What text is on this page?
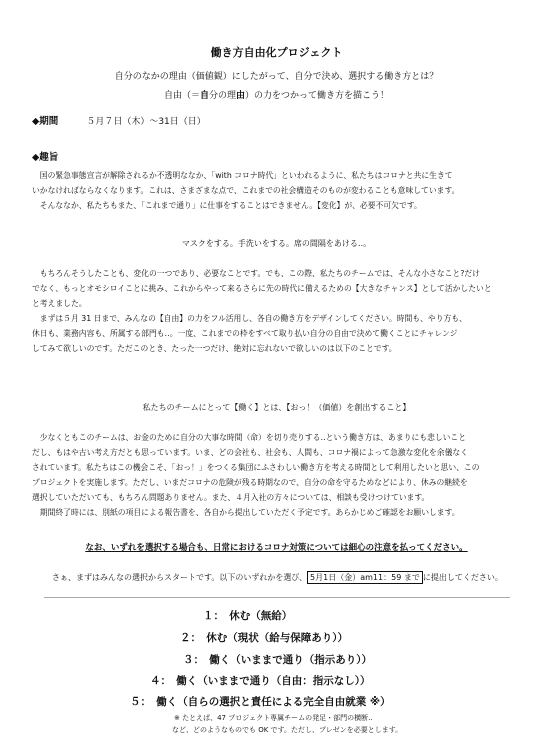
働き方自由化プロジェクト
自分のなかの理由（価値観）にしたがって、自分で決め、選択する働き方とは？
自由（＝自分の理由）の力をつかって働き方を描こう！
◆期間	５月７日（木）～31日（日）
◆趣旨
　国の緊急事態宣言が解除されるか不透明ななか、「with コロナ時代」といわれるように、私たちはコロナと共に生きて
いかなければならなくなります。これは、さまざまな点で、これまでの社会構造そのものが変わることも意味しています。
　そんななか、私たちもまた、「これまで通り」に仕事をすることはできません。【変化】が、必要不可欠です。
マスクをする。手洗いをする。席の間隔をあける‥。
　もちろんそうしたことも、変化の一つであり、必要なことです。でも、この際、私たちのチームでは、そんな小さなこと?だけ
でなく、もっとオモシロイことに挑み、これからやって来るさらに先の時代に備えるための【大きなチャンス】として活かしたいと
と考えました。
　まずは５月 31 日まで、みんなの【自由】の力をフル活用し、各自の働き方をデザインしてください。時間も、やり方も、
休日も、業務内容も、所属する部門も‥。一度、これまでの枠をすべて取り払い自分の自由で決めて働くことにチャレンジ
してみて欲しいのです。ただこのとき、たった一つだけ、絶対に忘れないで欲しいのは以下のことです。
私たちのチームにとって【働く】とは、【おっ！（価値）を創出すること】
　少なくともこのチームは、お金のために自分の大事な時間（命）を切り売りする‥という働き方は、あまりにも悲しいこと
だし、もはや古い考え方だとも思っています。いま、どの会社も、社会も、人間も、コロナ禍によって急激な変化を余儀なく
されています。私たちはこの機会こそ、「おっ！」をつくる集団にふさわしい働き方を考える時間として利用したいと思い、この
プロジェクトを実施します。ただし、いまだコロナの危険が残る時期なので、自分の命を守るためなどにより、休みの継続を
選択していただいても、もちろん問題ありません。また、４月入社の方々については、相談も受けつけています。
　期間終了時には、別紙の項目による報告書を、各自から提出していただく予定です。あらかじめご確認をお願いします。
なお、いずれを選択する場合も、日常におけるコロナ対策については細心の注意を払ってください。
さぁ、まずはみんなの選択からスタートです。以下のいずれかを選び、 5月1日（金）am11：59 まで に提出してください。
１：　休む（無給）
２：　休む（現状（給与保障あり））
３：　働く（いままで通り（指示あり））
４：　働く（いままで通り（自由：指示なし））
５：　働く（自らの選択と責任による完全自由就業 ※）
※ たとえば、47 プロジェクト専属チームの発足・部門の横断‥
など、どのようなものでも OK です。ただし、プレゼンを必要とします。
